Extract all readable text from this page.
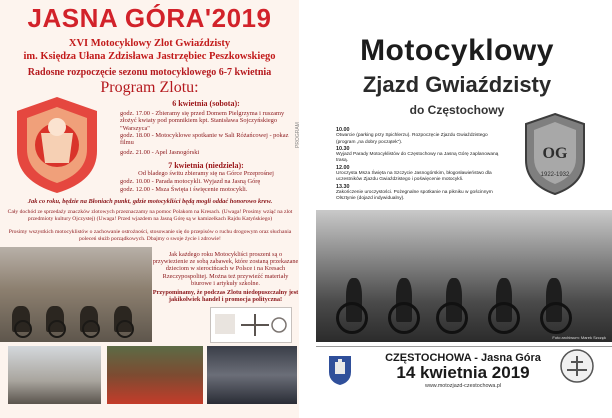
JASNA GÓRA'2019
XVI Motocyklowy Zlot Gwiaździsty
im. Księdza Ułana Zdzisława Jastrzębiec Peszkowskiego
Radosne rozpoczęcie sezonu motocyklowego 6-7 kwietnia
Program Zlotu:
6 kwietnia (sobota):
godz. 17.00 - Zbieramy się przed Domem Pielgrzyma i ruszamy złożyć kwiaty pod pomnikiem kpt. Stanisława Sojczyńskiego "Warszyca"
godz. 18.00 - Motocyklowe spotkanie w Sali Różańcowej - pokaz filmu
godz. 21.00 - Apel Jasnogórski
7 kwietnia (niedziela):
Od bladego świtu zbieramy się na Górce Przeprośnej
godz. 10.00 - Parada motocykli. Wyjazd na Jasną Górę
godz. 12.00 - Msza Święta i święcenie motocykli.
Jak co roku, będzie na Błoniach punkt, gdzie motocykliści będą mogli oddać honorowo krew.
Cały dochód ze sprzedaży znaczków zlotowych przeznaczamy na pomoc Polakom na Kresach. (Uwaga! Prosimy wziąć na zlot przedmioty kultury Ojczystej) (Uwaga! Przed wjazdem na Jasną Górę są w kamizelkach Rajdu Katyńskiego)
Prosimy wszystkich motocyklistów o zachowanie ostrożności, stosowanie się do przepisów o ruchu drogowym oraz słuchania poleceń służb porządkowych. Dbajmy o swoje życie i zdrowie!
Jak każdego roku Motocykliści proszeni są o przywiezienie ze sobą zabawek, które zostaną przekazane dzieciom w sierocińcach w Polsce i na Kresach Rzeczypospolitej. Można też przywieźć materiały biurowe i artykuły szkolne.
Przypominamy, że podczas Zlotu niedopuszczalny jest jakikolwiek handel i promocja polityczna!
Motocyklowy
Zjazd Gwiaździsty
do Częstochowy
PROGRAM	10.00
Otwarcie (parking przy Spichlerzu). Rozpoczęcie Zjazdu Gwiaździstego (program „na dobry początek").
10.30
Wyjazd Parady Motocyklistów do Częstochowy na Jasną Górę zaplanowaną trasą.
12.00
Uroczysta Msza Święta na Szczycie Jasnogórskim, błogosławieństwo dla uczestników Zjazdu Gwiaździstego i poświęcenie motocykli.
13.30
Zakończenie uroczystości. Pożegnalne spotkanie na pikniku w gościnnym Olsztynie (dojazd indywidualny).
OG
1922-1932
Foto archiwum: Marek Szczęk
CZĘSTOCHOWA - Jasna Góra
14 kwietnia 2019
www.motozjazd-czestochowa.pl
